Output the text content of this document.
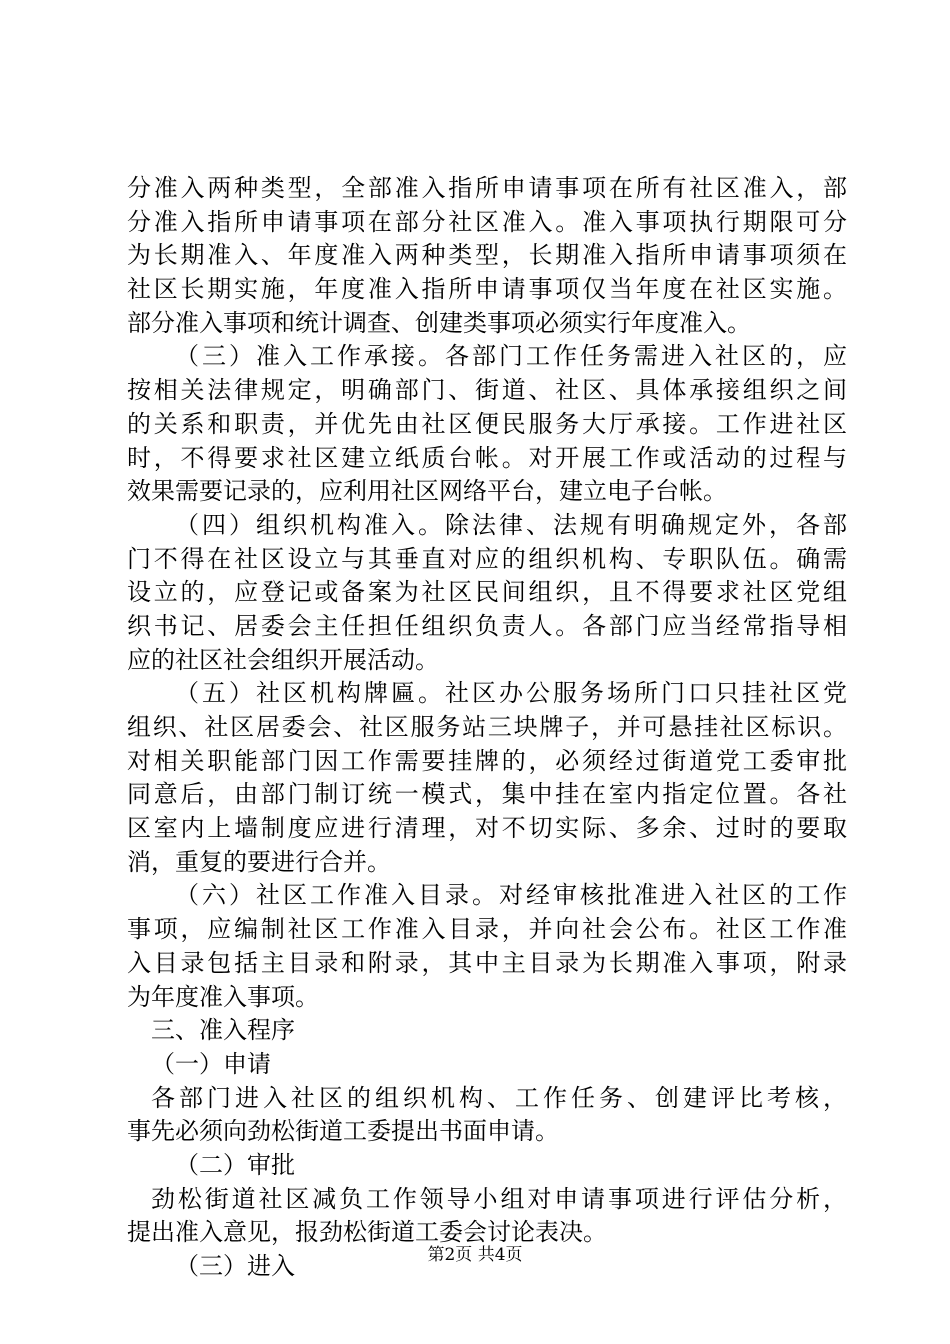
分准入两种类型，全部准入指所申请事项在所有社区准入，部
分准入指所申请事项在部分社区准入。准入事项执行期限可分
为长期准入、年度准入两种类型，长期准入指所申请事项须在
社区长期实施，年度准入指所申请事项仅当年度在社区实施。
部分准入事项和统计调查、创建类事项必须实行年度准入。
（三）准入工作承接。各部门工作任务需进入社区的，应
按相关法律规定，明确部门、街道、社区、具体承接组织之间
的关系和职责，并优先由社区便民服务大厅承接。工作进社区
时，不得要求社区建立纸质台帐。对开展工作或活动的过程与
效果需要记录的，应利用社区网络平台，建立电子台帐。
（四）组织机构准入。除法律、法规有明确规定外，各部
门不得在社区设立与其垂直对应的组织机构、专职队伍。确需
设立的，应登记或备案为社区民间组织，且不得要求社区党组
织书记、居委会主任担任组织负责人。各部门应当经常指导相
应的社区社会组织开展活动。
（五）社区机构牌匾。社区办公服务场所门口只挂社区党
组织、社区居委会、社区服务站三块牌子，并可悬挂社区标识。
对相关职能部门因工作需要挂牌的，必须经过街道党工委审批
同意后，由部门制订统一模式，集中挂在室内指定位置。各社
区室内上墙制度应进行清理，对不切实际、多余、过时的要取
消，重复的要进行合并。
（六）社区工作准入目录。对经审核批准进入社区的工作
事项，应编制社区工作准入目录，并向社会公布。社区工作准
入目录包括主目录和附录，其中主目录为长期准入事项，附录
为年度准入事项。
三、准入程序
（一）申请
各部门进入社区的组织机构、工作任务、创建评比考核，
事先必须向劲松街道工委提出书面申请。
（二）审批
劲松街道社区减负工作领导小组对申请事项进行评估分析，
提出准入意见，报劲松街道工委会讨论表决。
（三）进入	第2页 共4页
